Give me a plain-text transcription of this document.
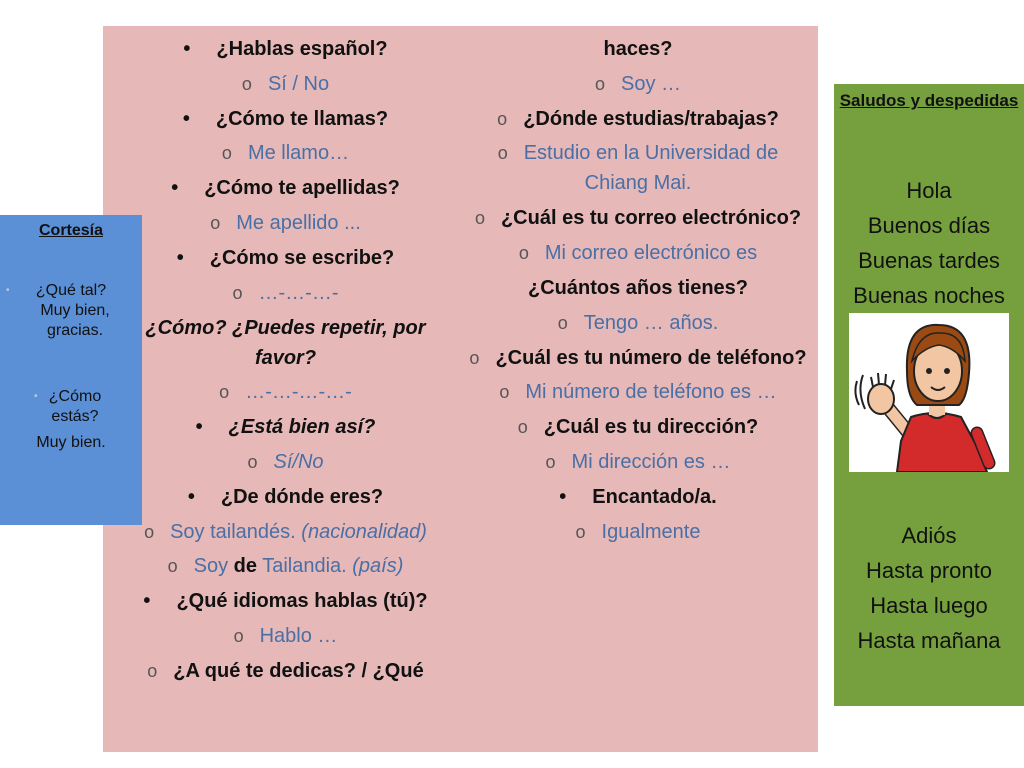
• ¿Hablas español?
o Sí / No
• ¿Cómo te llamas?
o Me llamo…
• ¿Cómo te apellidas?
o Me apellido ...
• ¿Cómo se escribe?
o …-…-…-
¿Cómo? ¿Puedes repetir, por favor?
o …-…-…-…-
• ¿Está bien así?
o Sí/No
• ¿De dónde eres?
o Soy tailandés. (nacionalidad)
o Soy de Tailandia. (país)
• ¿Qué idiomas hablas (tú)?
o Hablo …
o ¿A qué te dedicas? / ¿Qué
haces?
o Soy …
o ¿Dónde estudias/trabajas?
o Estudio en la Universidad de Chiang Mai.
o ¿Cuál es tu correo electrónico?
o Mi correo electrónico es
¿Cuántos años tienes?
o Tengo … años.
o ¿Cuál es tu número de teléfono?
o Mi número de teléfono es …
o ¿Cuál es tu dirección?
o Mi dirección es …
• Encantado/a.
o Igualmente
Cortesía
• ¿Qué tal?
Muy bien, gracias.
• ¿Cómo estás?
Muy bien.
Saludos y despedidas
Hola
Buenos días
Buenas tardes
Buenas noches
Adiós
Hasta pronto
Hasta luego
Hasta mañana
